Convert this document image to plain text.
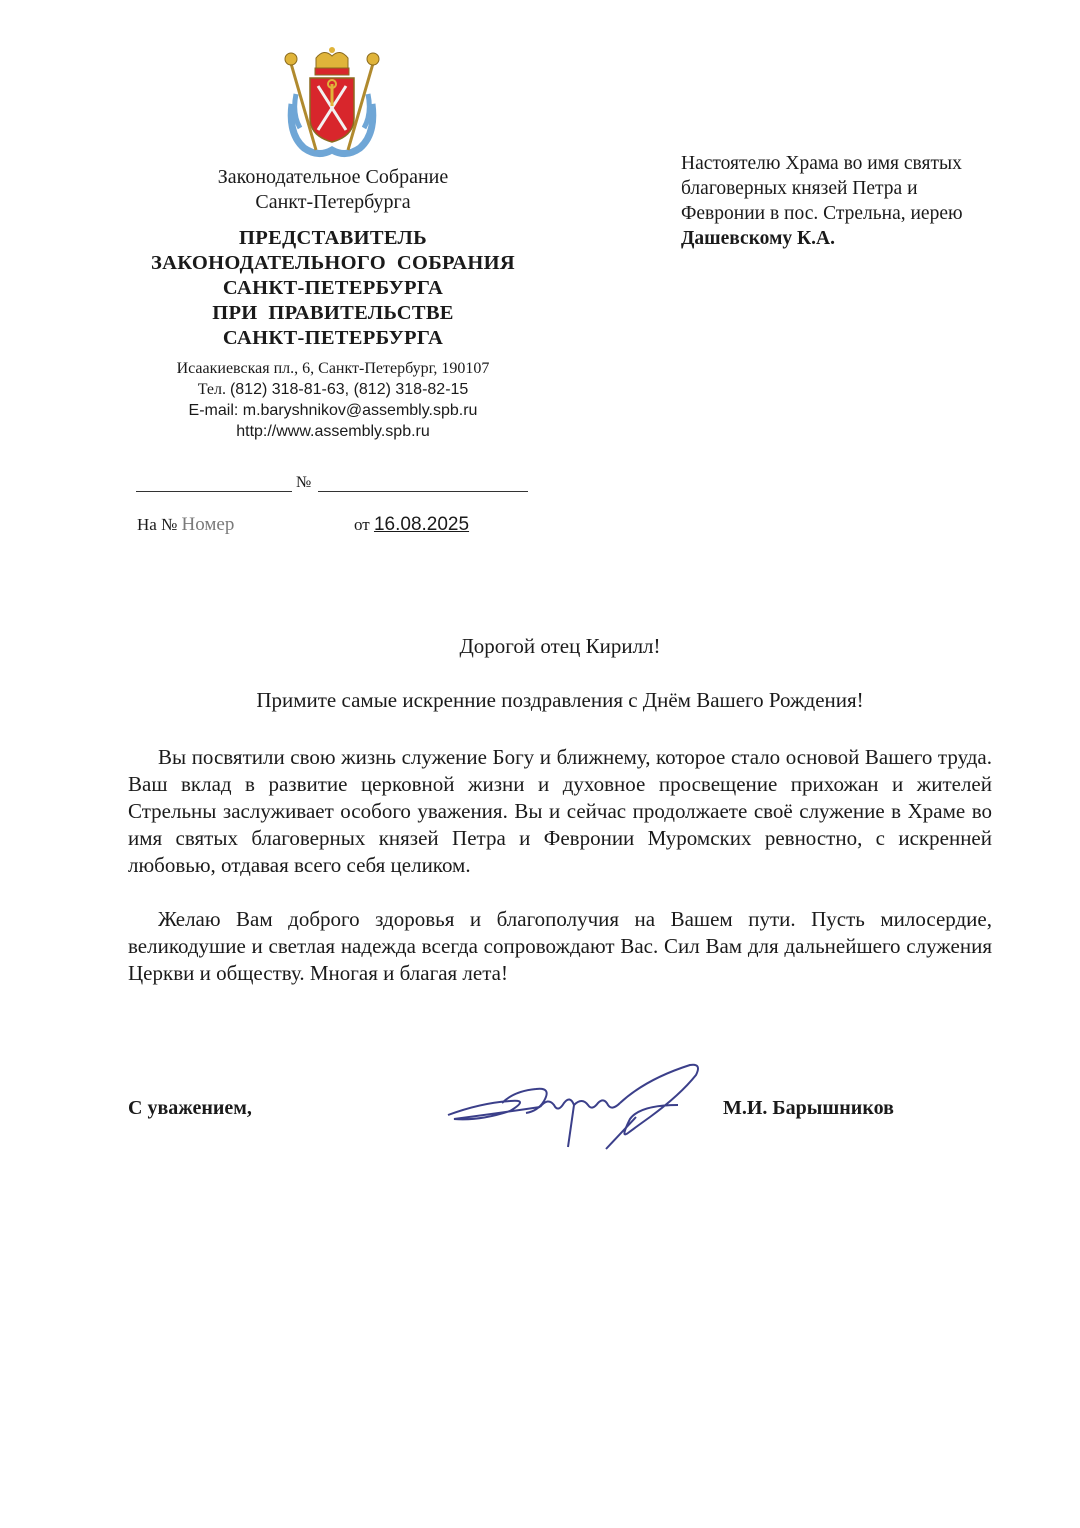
Законодательное Собрание
Санкт-Петербурга
ПРЕДСТАВИТЕЛЬ
ЗАКОНОДАТЕЛЬНОГО  СОБРАНИЯ
САНКТ-ПЕТЕРБУРГА
ПРИ  ПРАВИТЕЛЬСТВЕ
САНКТ-ПЕТЕРБУРГА
Исаакиевская пл., 6, Санкт-Петербург, 190107
Тел. (812) 318-81-63, (812) 318-82-15
E-mail: m.baryshnikov@assembly.spb.ru
http://www.assembly.spb.ru
№
На № Номер	от 16.08.2025
Настоятелю Храма во имя святых
благоверных князей Петра и
Февронии в пос. Стрельна, иерею
Дашевскому К.А.
Дорогой отец Кирилл!
Примите самые искренние поздравления с Днём Вашего Рождения!

Вы посвятили свою жизнь служение Богу и ближнему, которое стало основой Вашего труда. Ваш вклад в развитие церковной жизни и духовное просвещение прихожан и жителей Стрельны заслуживает особого уважения. Вы и сейчас продолжаете своё служение в Храме во имя святых благоверных князей Петра и Февронии Муромских ревностно, с искренней любовью, отдавая всего себя целиком.

Желаю Вам доброго здоровья и благополучия на Вашем пути. Пусть милосердие, великодушие и светлая надежда всегда сопровождают Вас. Сил Вам для дальнейшего служения Церкви и обществу. Многая и благая лета!

С уважением,	М.И. Барышников
